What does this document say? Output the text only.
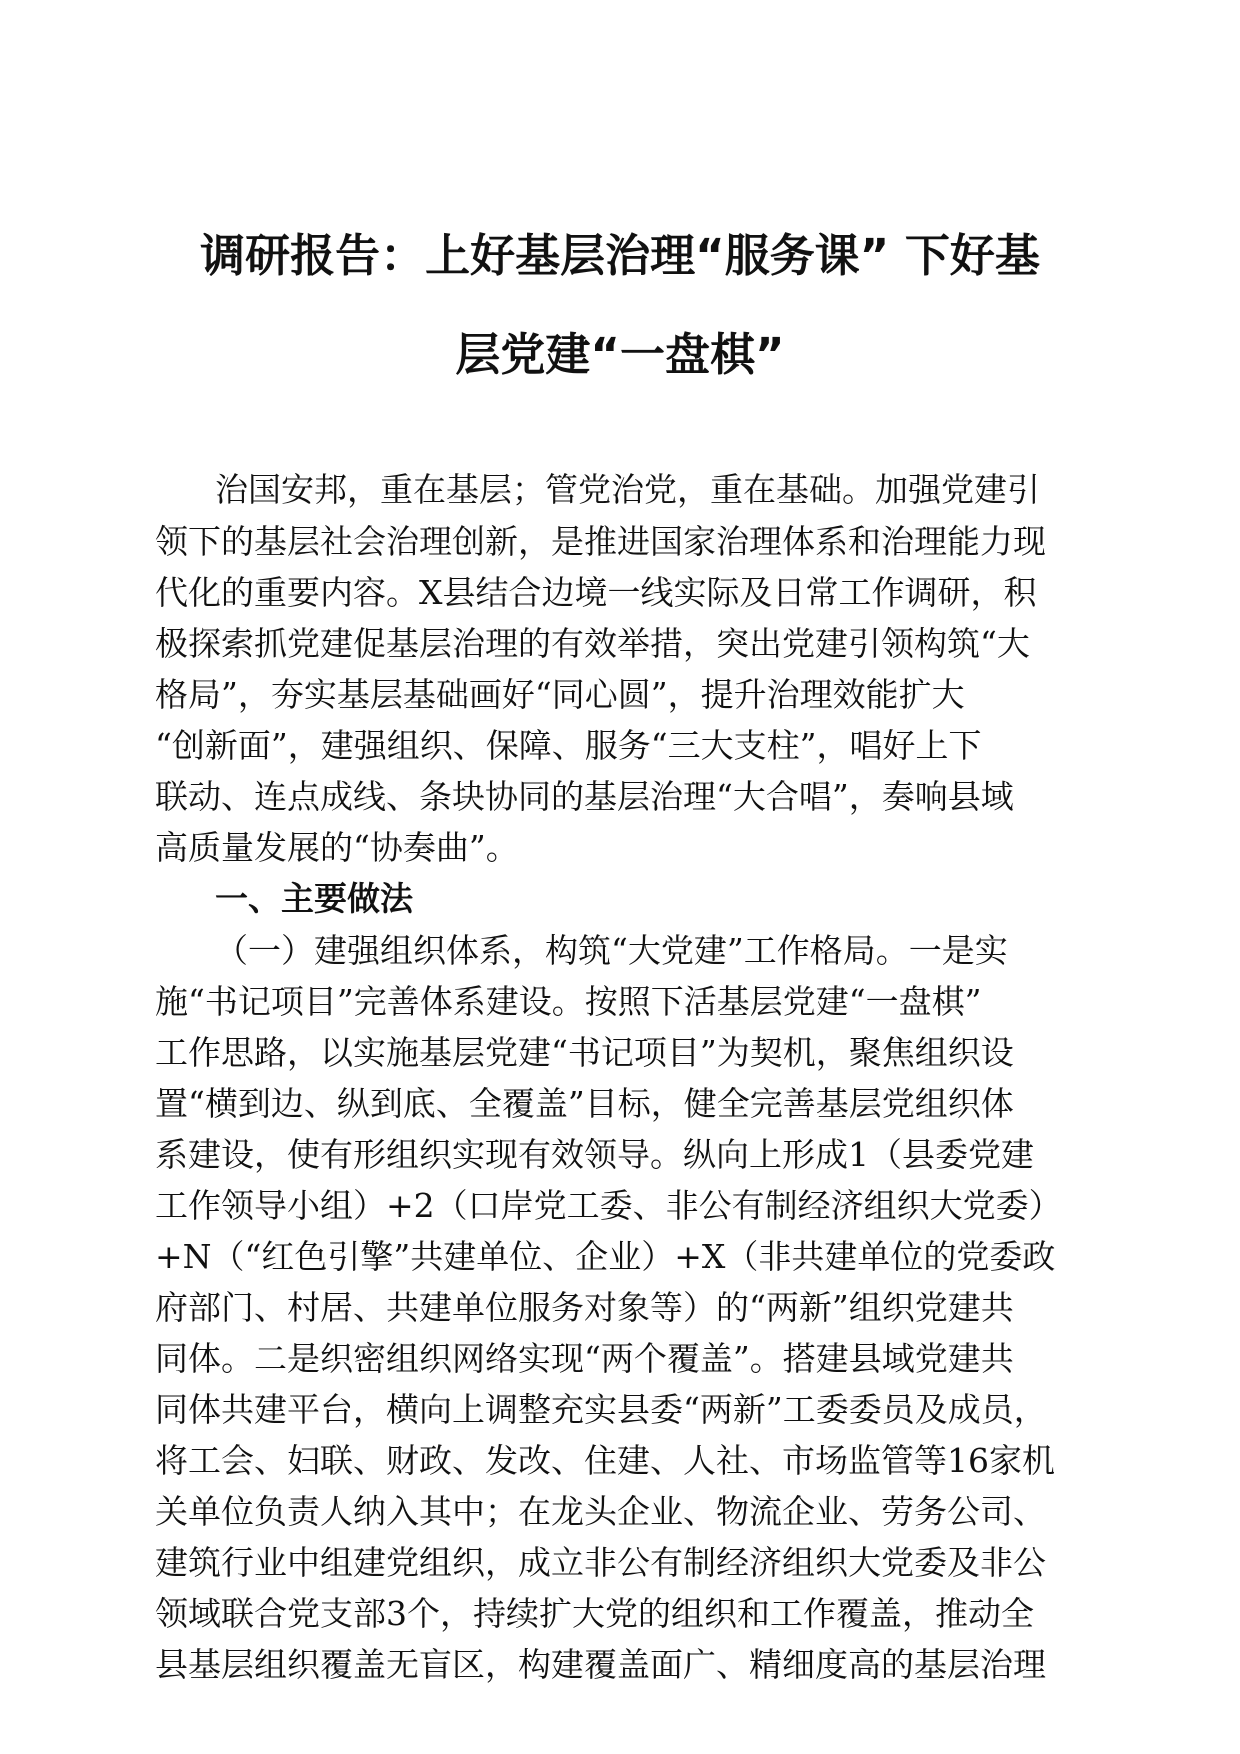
调研报告：上好基层治理“服务课” 下好基
层党建“一盘棋”
治国安邦，重在基层；管党治党，重在基础。加强党建引
领下的基层社会治理创新，是推进国家治理体系和治理能力现
代化的重要内容。X县结合边境一线实际及日常工作调研，积
极探索抓党建促基层治理的有效举措，突出党建引领构筑“大
格局”，夯实基层基础画好“同心圆”，提升治理效能扩大
“创新面”，建强组织、保障、服务“三大支柱”，唱好上下
联动、连点成线、条块协同的基层治理“大合唱”，奏响县域
高质量发展的“协奏曲”。
一、主要做法
（一）建强组织体系，构筑“大党建”工作格局。一是实
施“书记项目”完善体系建设。按照下活基层党建“一盘棋”
工作思路，以实施基层党建“书记项目”为契机，聚焦组织设
置“横到边、纵到底、全覆盖”目标，健全完善基层党组织体
系建设，使有形组织实现有效领导。纵向上形成1（县委党建
工作领导小组）+2（口岸党工委、非公有制经济组织大党委）
+N（“红色引擎”共建单位、企业）+X（非共建单位的党委政
府部门、村居、共建单位服务对象等）的“两新”组织党建共
同体。二是织密组织网络实现“两个覆盖”。搭建县域党建共
同体共建平台，横向上调整充实县委“两新”工委委员及成员，
将工会、妇联、财政、发改、住建、人社、市场监管等16家机
关单位负责人纳入其中；在龙头企业、物流企业、劳务公司、
建筑行业中组建党组织，成立非公有制经济组织大党委及非公
领域联合党支部3个，持续扩大党的组织和工作覆盖，推动全
县基层组织覆盖无盲区，构建覆盖面广、精细度高的基层治理
